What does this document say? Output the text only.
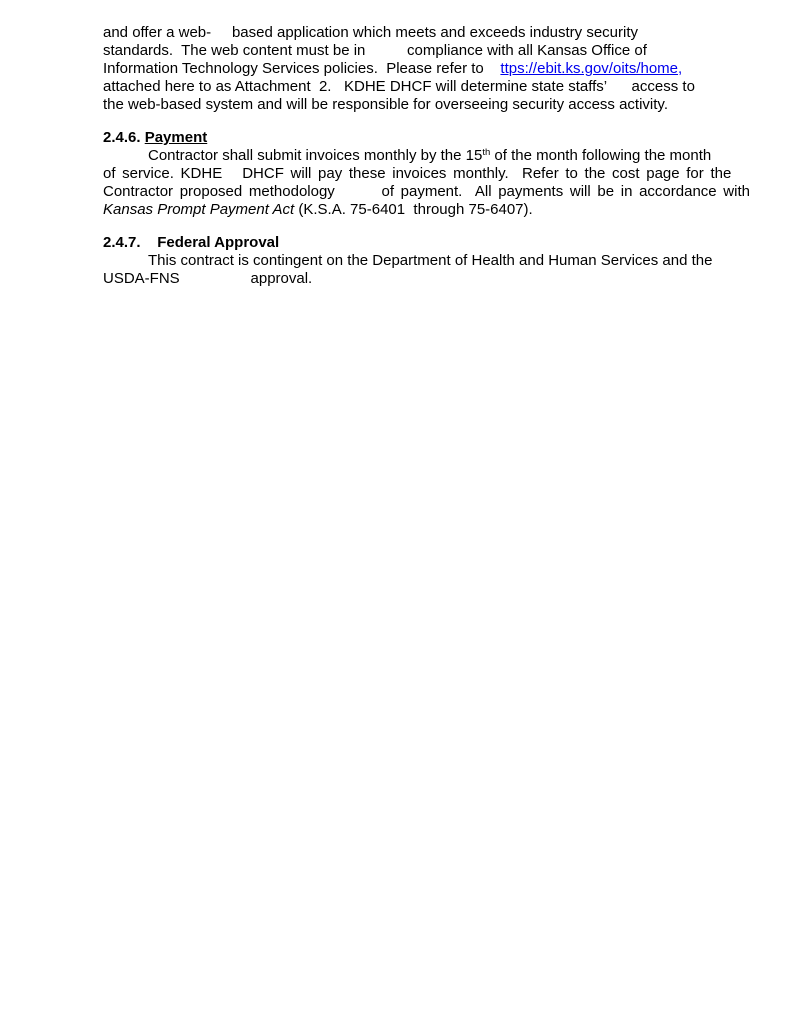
and offer a web-     based application which meets and exceeds industry security
standards.  The web content must be in          compliance with all Kansas Office of
Information Technology Services policies.  Please refer to    ttps://ebit.ks.gov/oits/home,
attached here to as Attachment  2.   KDHE DHCF will determine state staffs’      access to
the web-based system and will be responsible for overseeing security access activity.
2.4.6. Payment
Contractor shall submit invoices monthly by the 15th of the month following the month
of service. KDHE   DHCF will pay these invoices monthly.  Refer to the cost page for the
Contractor proposed methodology       of payment.  All payments will be in accordance with
Kansas Prompt Payment Act (K.S.A. 75-6401  through 75-6407).
2.4.7.    Federal Approval
This contract is contingent on the Department of Health and Human Services and the
USDA-FNS                 approval.
